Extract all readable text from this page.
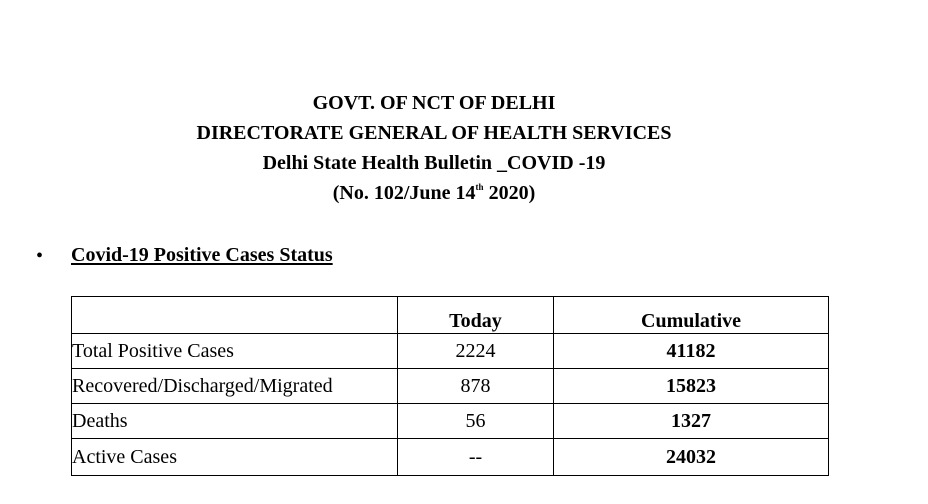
GOVT. OF NCT OF DELHI
DIRECTORATE GENERAL OF HEALTH SERVICES
Delhi State Health Bulletin _COVID -19
(No. 102/June 14th 2020)
• Covid-19 Positive Cases Status
	Today	Cumulative
Total Positive Cases	2224	41182
Recovered/Discharged/Migrated	878	15823
Deaths	56	1327
Active Cases	--	24032
